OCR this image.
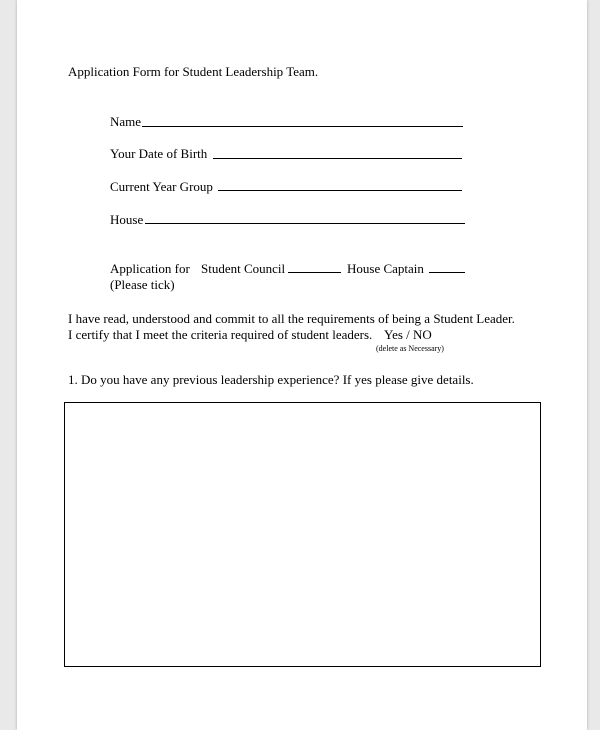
Application Form for Student Leadership Team.
Name
Your Date of Birth
Current Year Group
House
Application for Student Council	House Captain
(Please tick)
I have read, understood and commit to all the requirements of being a Student Leader.
I certify that I meet the criteria required of student leaders. Yes / NO
(delete as Necessary)
1. Do you have any previous leadership experience? If yes please give details.
